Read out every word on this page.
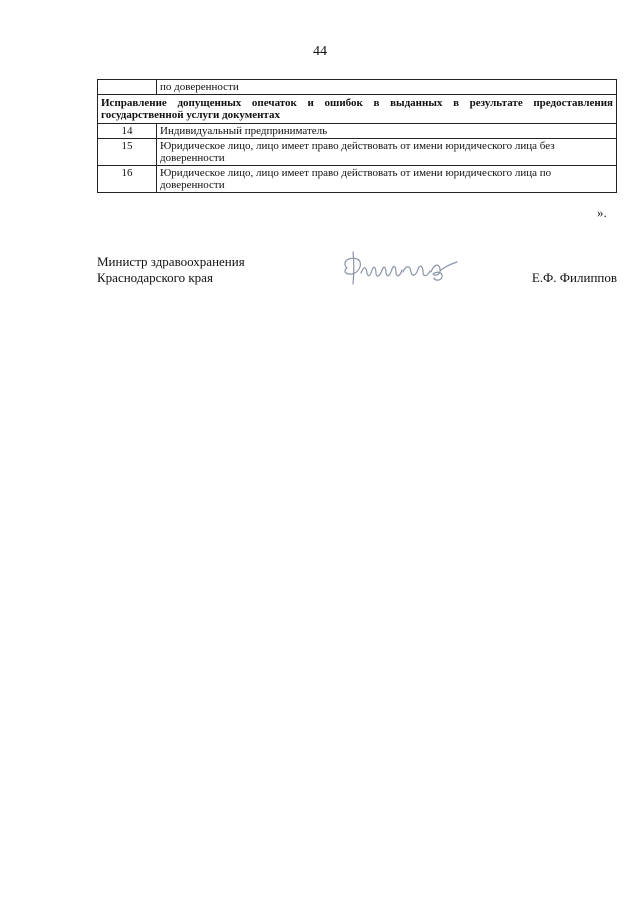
44
	по доверенности
Исправление допущенных опечаток и ошибок в выданных в результате предоставления государственной услуги документах	
14	Индивидуальный предприниматель
15	Юридическое лицо, лицо имеет право действовать от имени юридического лица без доверенности
16	Юридическое лицо, лицо имеет право действовать от имени юридического лица по доверенности
».
Министр здравоохранения
Краснодарского края	Е.Ф. Филиппов
